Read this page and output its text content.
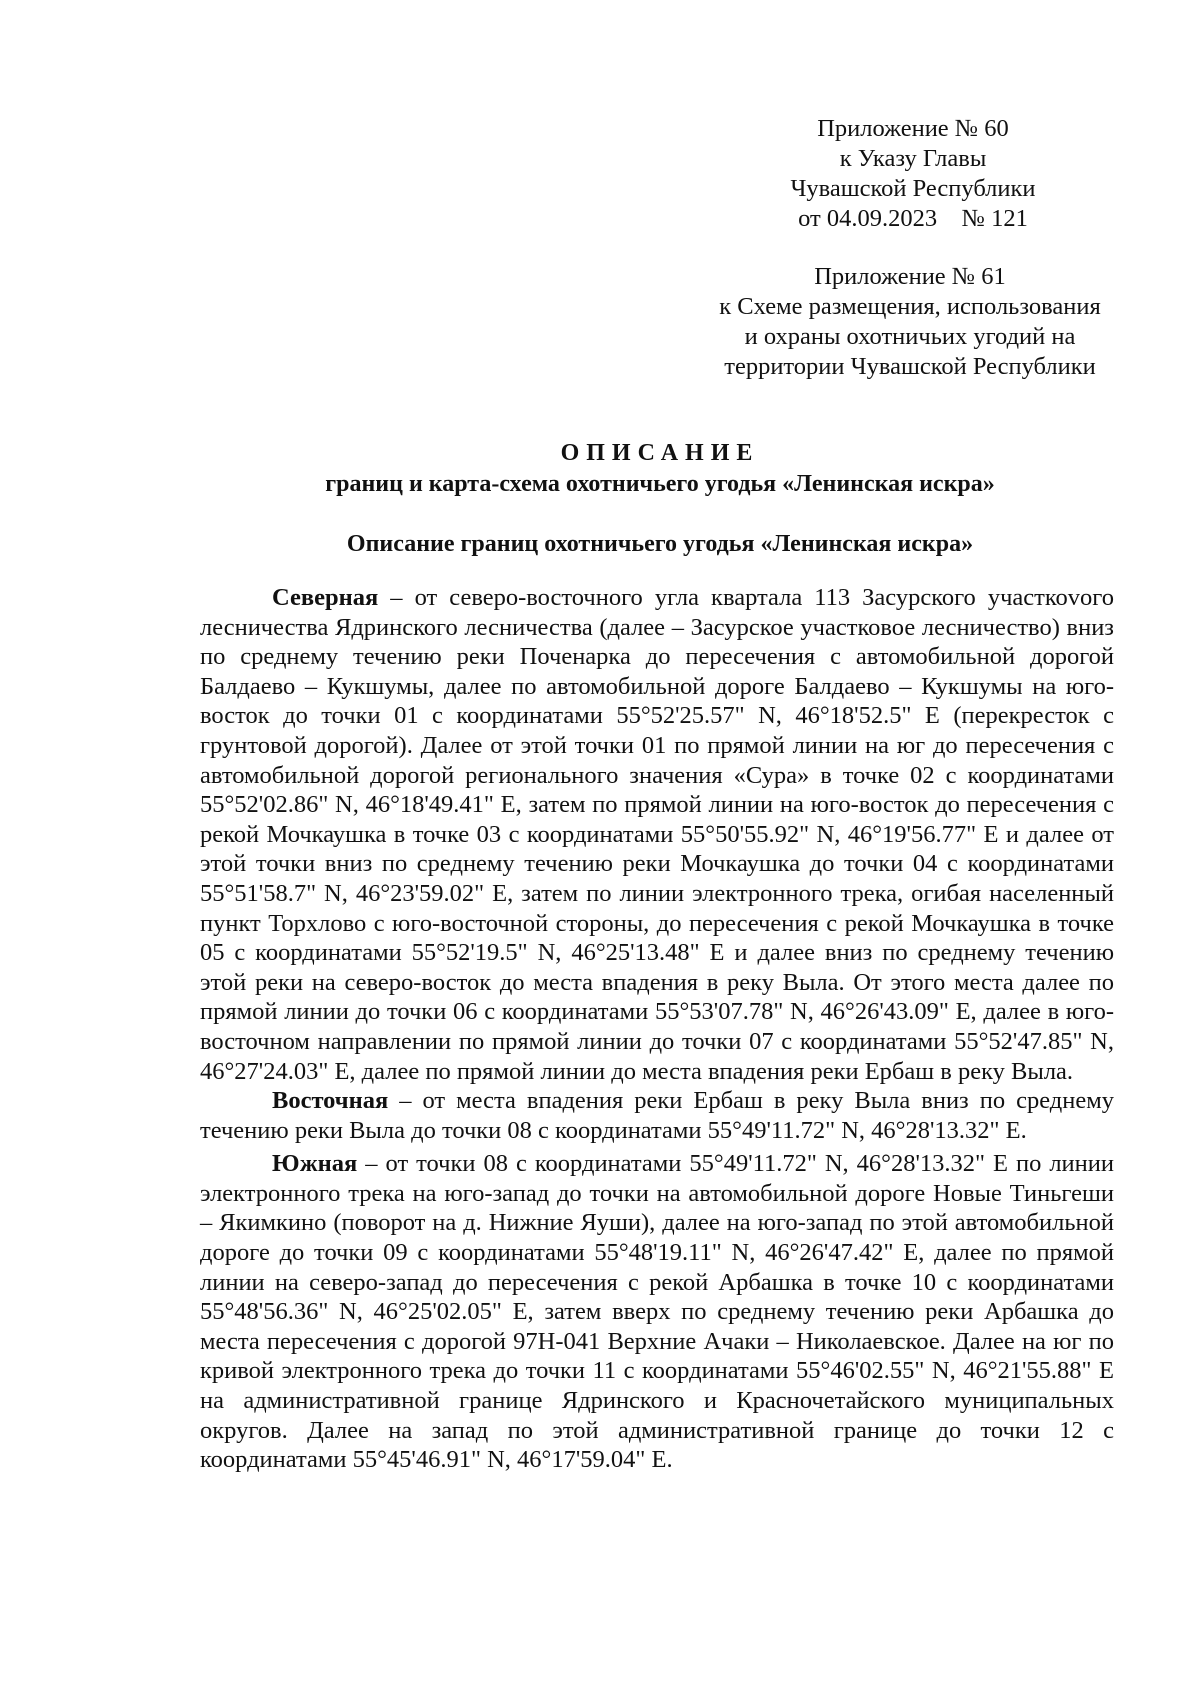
Приложение № 60
к Указу Главы
Чувашской Республики
от 04.09.2023    № 121
Приложение № 61
к Схеме размещения, использования
и охраны охотничьих угодий на
территории Чувашской Республики
ОПИСАНИЕ
границ и карта-схема охотничьего угодья «Ленинская искра»
Описание границ охотничьего угодья «Ленинская искра»

Северная – от северо-восточного угла квартала 113 Засурского участкоvого лесничества Ядринского лесничества (далее – Засурское участковое лесничество) вниз по среднему течению реки Поченарка до пересечения с автомобильной дорогой Балдаево – Кукшумы, далее по автомобильной дороге Балдаево – Кукшумы на юго-восток до точки 01 с координатами 55°52'25.57" N, 46°18'52.5" E (перекресток с грунтовой дорогой). Далее от этой точки 01 по прямой линии на юг до пересечения с автомобильной дорогой регионального значения «Сура» в точке 02 с координатами 55°52'02.86" N, 46°18'49.41" E, затем по прямой линии на юго-восток до пересечения с рекой Мочкаушка в точке 03 с координатами 55°50'55.92" N, 46°19'56.77" E и далее от этой точки вниз по среднему течению реки Мочкаушка до точки 04 с координатами 55°51'58.7" N, 46°23'59.02" E, затем по линии электронного трека, огибая населенный пункт Торхлово с юго-восточной стороны, до пересечения с рекой Мочкаушка в точке 05 с координатами 55°52'19.5" N, 46°25'13.48" E и далее вниз по среднему течению этой реки на северо-восток до места впадения в реку Выла. От этого места далее по прямой линии до точки 06 с координатами 55°53'07.78" N, 46°26'43.09" E, далее в юго-восточном направлении по прямой линии до точки 07 с координатами 55°52'47.85" N, 46°27'24.03" E, далее по прямой линии до места впадения реки Ербаш в реку Выла.

Восточная – от места впадения реки Ербаш в реку Выла вниз по среднему течению реки Выла до точки 08 с координатами 55°49'11.72" N, 46°28'13.32" E.

Южная – от точки 08 с координатами 55°49'11.72" N, 46°28'13.32" E по линии электронного трека на юго-запад до точки на автомобильной дороге Новые Тиньгеши – Якимкино (поворот на д. Нижние Яуши), далее на юго-запад по этой автомобильной дороге до точки 09 с координатами 55°48'19.11" N, 46°26'47.42" E, далее по прямой линии на северо-запад до пересечения с рекой Арбашка в точке 10 с координатами 55°48'56.36" N, 46°25'02.05" E, затем вверх по среднему течению реки Арбашка до места пересечения с дорогой 97Н-041 Верхние Ачаки – Николаевское. Далее на юг по кривой электронного трека до точки 11 с координатами 55°46'02.55" N, 46°21'55.88" E на административной границе Ядринского и Красночетайского муниципальных округов. Далее на запад по этой административной границе до точки 12 с координатами 55°45'46.91" N, 46°17'59.04" E.
